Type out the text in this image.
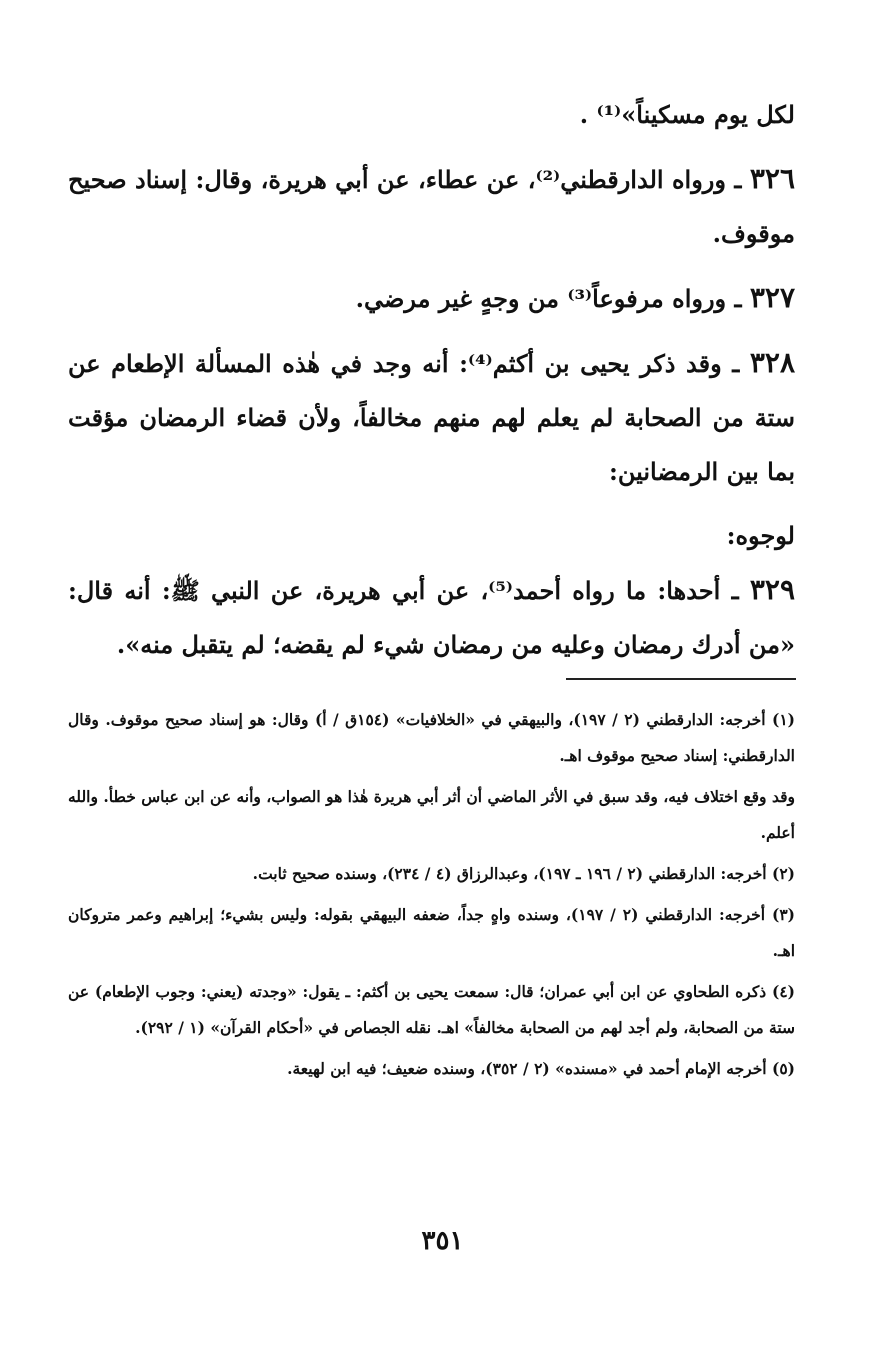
لكل يوم مسكيناً»⁽¹⁾ .

٣٢٦ ـ ورواه الدارقطني⁽²⁾، عن عطاء، عن أبي هريرة، وقال: إسناد صحيح موقوف.

٣٢٧ ـ ورواه مرفوعاً⁽³⁾ من وجهٍ غير مرضي.

٣٢٨ ـ وقد ذكر يحيى بن أكثم⁽⁴⁾: أنه وجد في هٰذه المسألة الإطعام عن ستة من الصحابة لم يعلم لهم منهم مخالفاً، ولأن قضاء الرمضان مؤقت بما بين الرمضانين:

لوجوه:

٣٢٩ ـ أحدها: ما رواه أحمد⁽⁵⁾، عن أبي هريرة، عن النبي ﷺ: أنه قال: «من أدرك رمضان وعليه من رمضان شيء لم يقضه؛ لم يتقبل منه».

(١) أخرجه: الدارقطني (٢ / ١٩٧)، والبيهقي في «الخلافيات» (١٥٤ق / أ) وقال: هو إسناد صحيح موقوف. وقال الدارقطني: إسناد صحيح موقوف اهـ.

وقد وقع اختلاف فيه، وقد سبق في الأثر الماضي أن أثر أبي هريرة هٰذا هو الصواب، وأنه عن ابن عباس خطأ. والله أعلم.

(٢) أخرجه: الدارقطني (٢ / ١٩٦ ـ ١٩٧)، وعبدالرزاق (٤ / ٢٣٤)، وسنده صحيح ثابت.

(٣) أخرجه: الدارقطني (٢ / ١٩٧)، وسنده واهٍ جداً، ضعفه البيهقي بقوله: وليس بشيء؛ إبراهيم وعمر متروكان اهـ.

(٤) ذكره الطحاوي عن ابن أبي عمران؛ قال: سمعت يحيى بن أكثم: ـ يقول: «وجدته (يعني: وجوب الإطعام) عن ستة من الصحابة، ولم أجد لهم من الصحابة مخالفاً» اهـ. نقله الجصاص في «أحكام القرآن» (١ / ٢٩٢).

(٥) أخرجه الإمام أحمد في «مسنده» (٢ / ٣٥٢)، وسنده ضعيف؛ فيه ابن لهيعة.

٣٥١
